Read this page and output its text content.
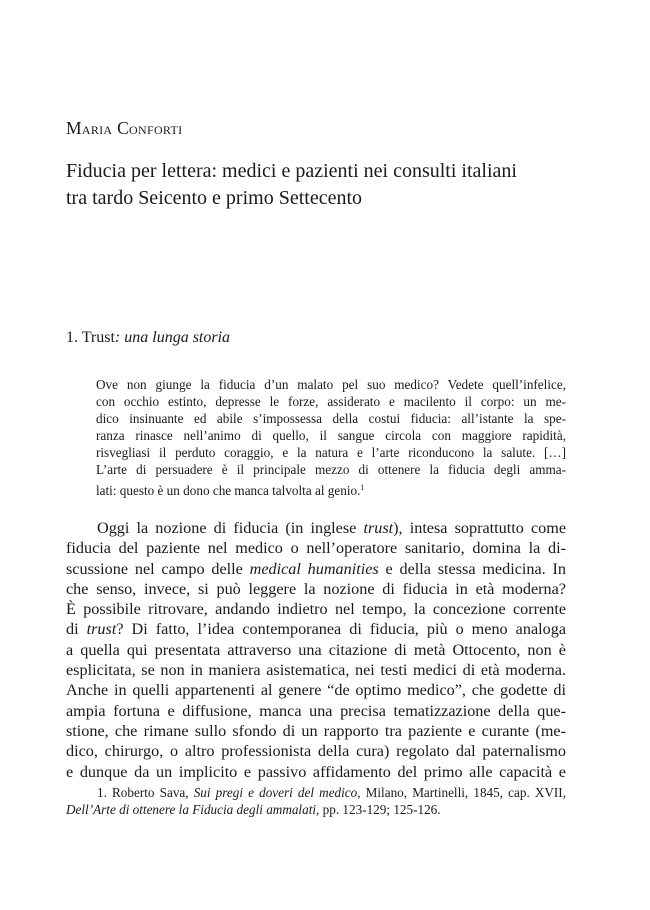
Maria Conforti
Fiducia per lettera: medici e pazienti nei consulti italiani
tra tardo Seicento e primo Settecento
1. Trust: una lunga storia
Ove non giunge la fiducia d’un malato pel suo medico? Vedete quell’infelice,
con occhio estinto, depresse le forze, assiderato e macilento il corpo: un me-
dico insinuante ed abile s’impossessa della costui fiducia: all’istante la spe-
ranza rinasce nell’animo di quello, il sangue circola con maggiore rapidità,
risvegliasi il perduto coraggio, e la natura e l’arte riconducono la salute. […]
L’arte di persuadere è il principale mezzo di ottenere la fiducia degli amma-
lati: questo è un dono che manca talvolta al genio.$^1$
Oggi la nozione di fiducia (in inglese trust), intesa soprattutto come
fiducia del paziente nel medico o nell’operatore sanitario, domina la di-
scussione nel campo delle medical humanities e della stessa medicina. In
che senso, invece, si può leggere la nozione di fiducia in età moderna?
È possibile ritrovare, andando indietro nel tempo, la concezione corrente
di trust? Di fatto, l’idea contemporanea di fiducia, più o meno analoga
a quella qui presentata attraverso una citazione di metà Ottocento, non è
esplicitata, se non in maniera asistematica, nei testi medici di età moderna.
Anche in quelli appartenenti al genere “de optimo medico”, che godette di
ampia fortuna e diffusione, manca una precisa tematizzazione della que-
stione, che rimane sullo sfondo di un rapporto tra paziente e curante (me-
dico, chirurgo, o altro professionista della cura) regolato dal paternalismo
e dunque da un implicito e passivo affidamento del primo alle capacità e
1. Roberto Sava, Sui pregi e doveri del medico, Milano, Martinelli, 1845, cap. XVII,
Dell’Arte di ottenere la Fiducia degli ammalati, pp. 123-129; 125-126.
